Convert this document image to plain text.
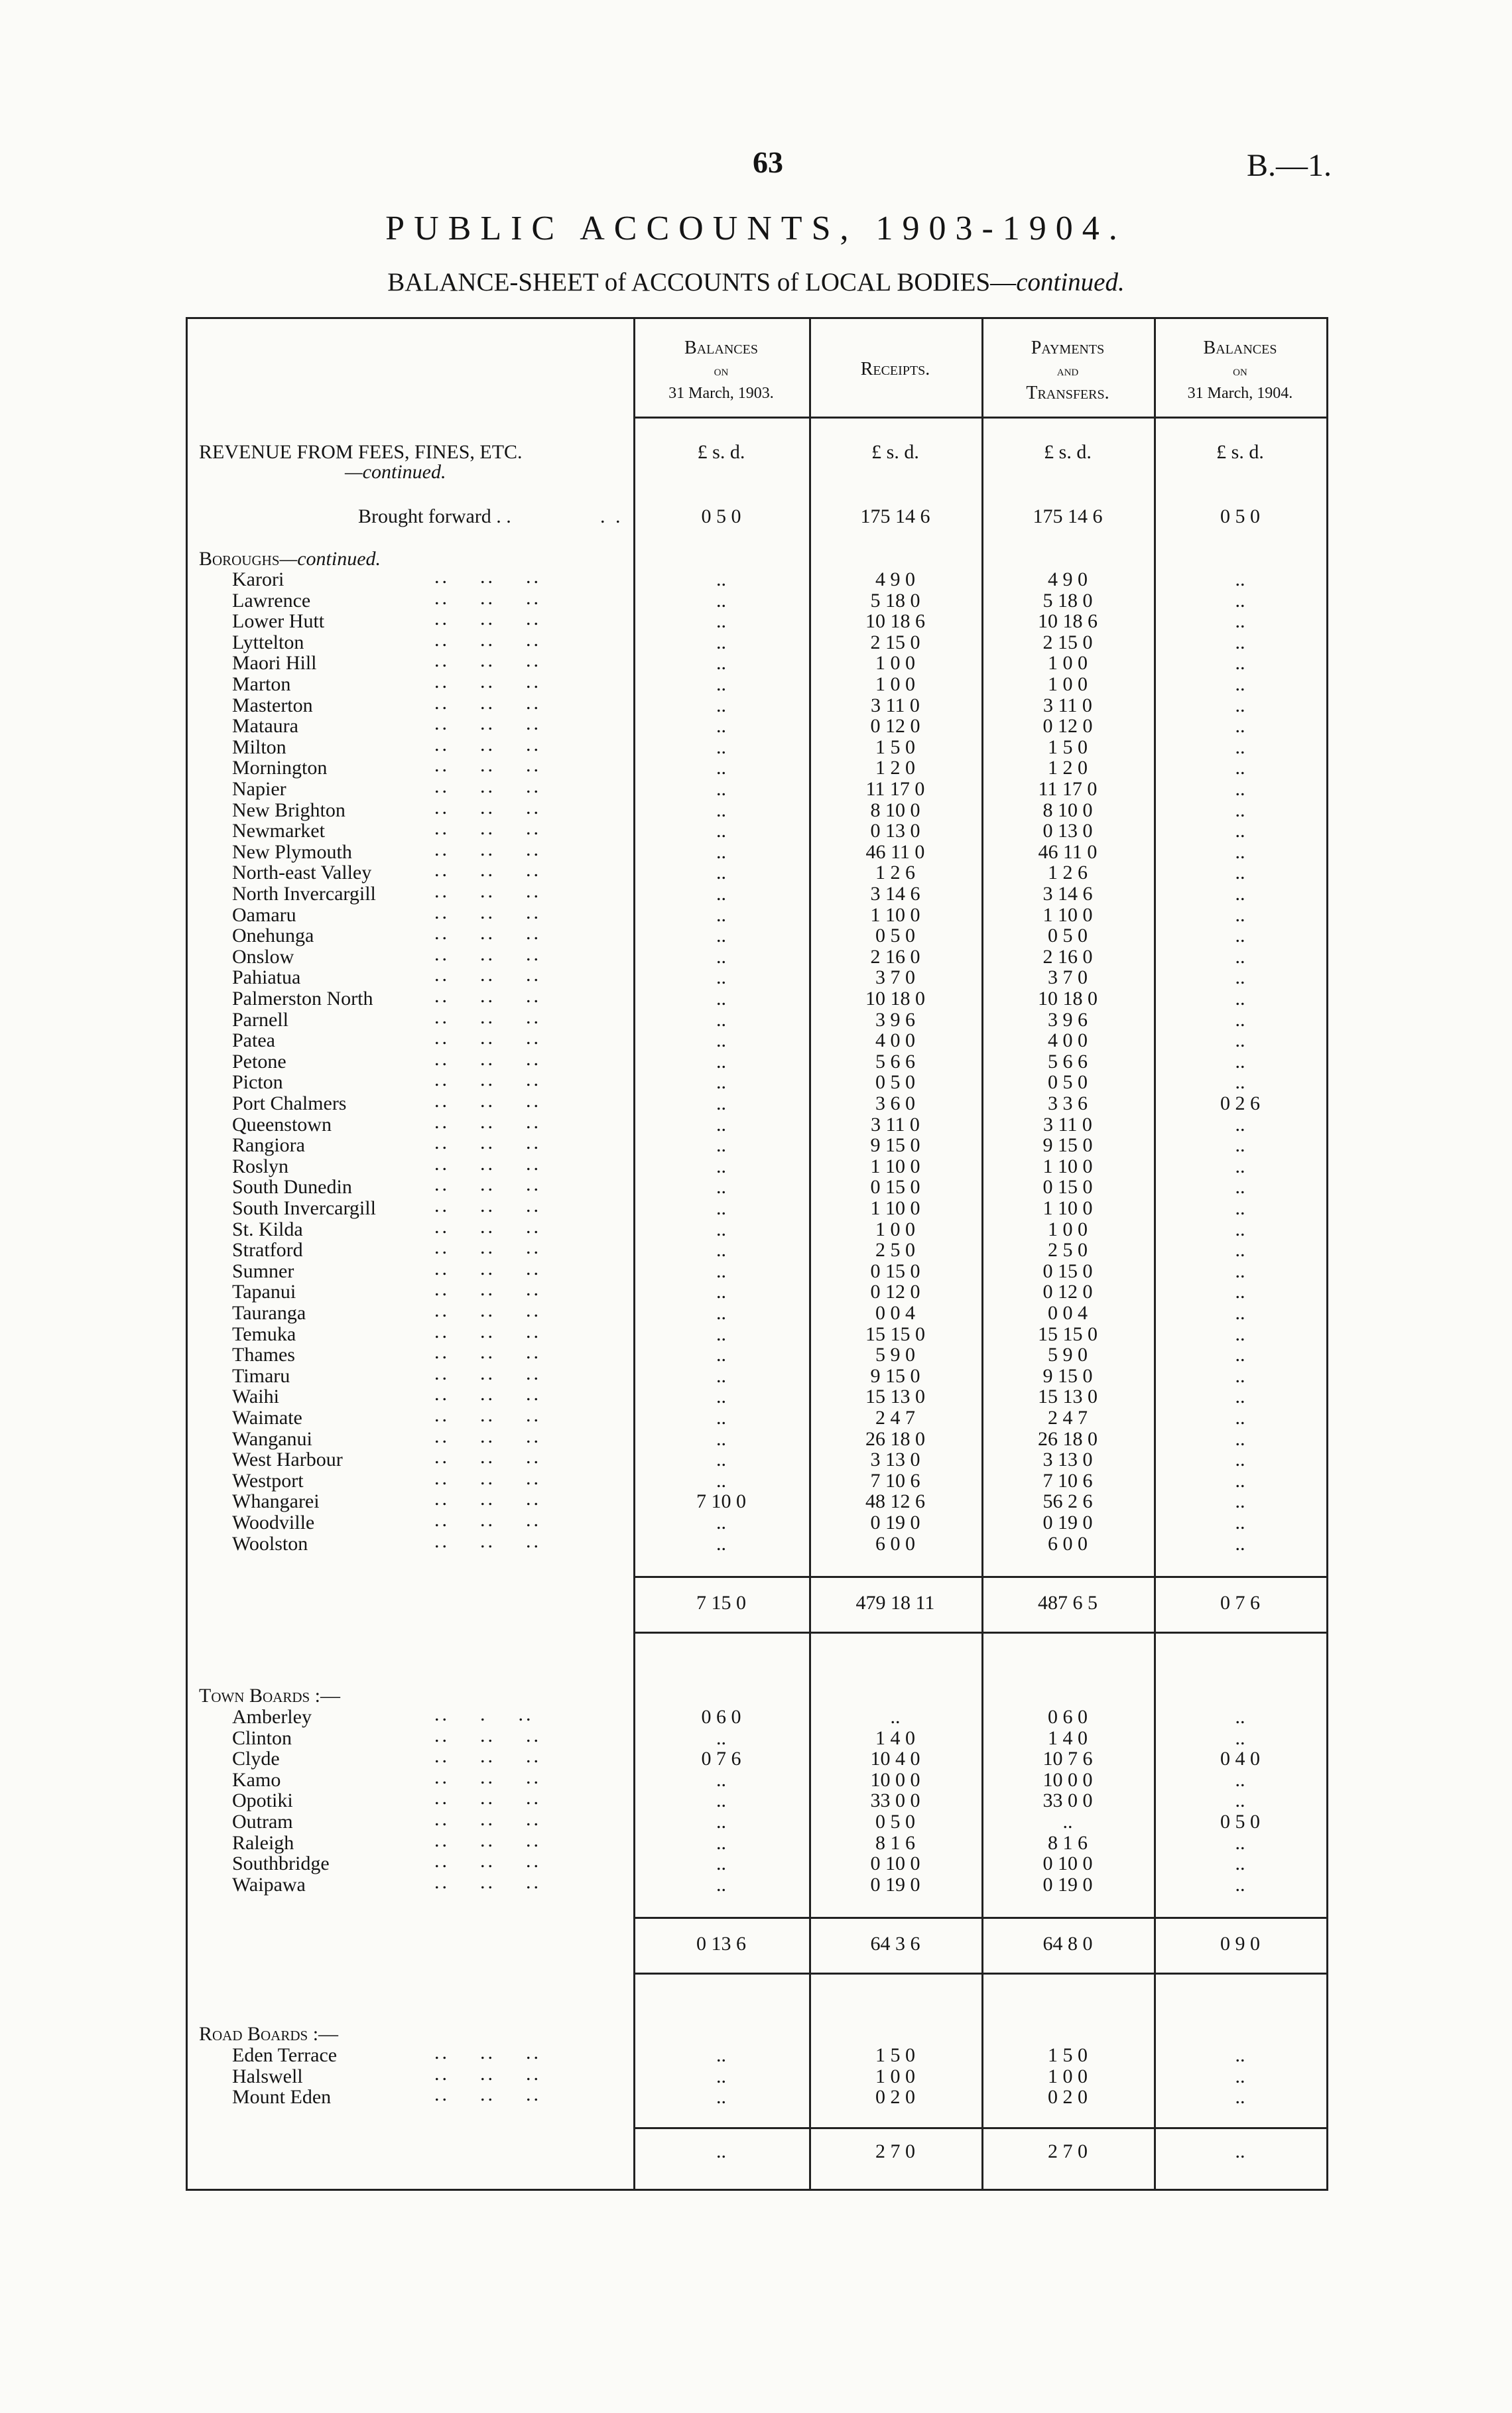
63	B.—1.
PUBLIC ACCOUNTS, 1903-1904.
BALANCE-SHEET of ACCOUNTS of LOCAL BODIES—continued.
Balances
on
31 March, 1903.
Receipts.
Payments
and
Transfers.
Balances
on
31 March, 1904.
£ s. d.	£ s. d.	£ s. d.	£ s. d.
REVENUE FROM FEES, FINES, ETC.
—continued.
Brought forward . .	. .	0 5 0	175 14 6	175 14 6	0 5 0
Boroughs—continued.
Karori	..    ..    ..	..	4 9 0	4 9 0	..
Lawrence	..    ..    ..	..	5 18 0	5 18 0	..
Lower Hutt	..    ..    ..	..	10 18 6	10 18 6	..
Lyttelton	..    ..    ..	..	2 15 0	2 15 0	..
Maori Hill	..    ..    ..	..	1 0 0	1 0 0	..
Marton	..    ..    ..	..	1 0 0	1 0 0	..
Masterton	..    ..    ..	..	3 11 0	3 11 0	..
Mataura	..    ..    ..	..	0 12 0	0 12 0	..
Milton	..    ..    ..	..	1 5 0	1 5 0	..
Mornington	..    ..    ..	..	1 2 0	1 2 0	..
Napier	..    ..    ..	..	11 17 0	11 17 0	..
New Brighton	..    ..    ..	..	8 10 0	8 10 0	..
Newmarket	..    ..    ..	..	0 13 0	0 13 0	..
New Plymouth	..    ..    ..	..	46 11 0	46 11 0	..
North-east Valley	..    ..    ..	..	1 2 6	1 2 6	..
North Invercargill	..    ..    ..	..	3 14 6	3 14 6	..
Oamaru	..    ..    ..	..	1 10 0	1 10 0	..
Onehunga	..    ..    ..	..	0 5 0	0 5 0	..
Onslow	..    ..    ..	..	2 16 0	2 16 0	..
Pahiatua	..    ..    ..	..	3 7 0	3 7 0	..
Palmerston North	..    ..    ..	..	10 18 0	10 18 0	..
Parnell	..    ..    ..	..	3 9 6	3 9 6	..
Patea	..    ..    ..	..	4 0 0	4 0 0	..
Petone	..    ..    ..	..	5 6 6	5 6 6	..
Picton	..    ..    ..	..	0 5 0	0 5 0	..
Port Chalmers	..    ..    ..	..	3 6 0	3 3 6	0 2 6
Queenstown	..    ..    ..	..	3 11 0	3 11 0	..
Rangiora	..    ..    ..	..	9 15 0	9 15 0	..
Roslyn	..    ..    ..	..	1 10 0	1 10 0	..
South Dunedin	..    ..    ..	..	0 15 0	0 15 0	..
South Invercargill	..    ..    ..	..	1 10 0	1 10 0	..
St. Kilda	..    ..    ..	..	1 0 0	1 0 0	..
Stratford	..    ..    ..	..	2 5 0	2 5 0	..
Sumner	..    ..    ..	..	0 15 0	0 15 0	..
Tapanui	..    ..    ..	..	0 12 0	0 12 0	..
Tauranga	..    ..    ..	..	0 0 4	0 0 4	..
Temuka	..    ..    ..	..	15 15 0	15 15 0	..
Thames	..    ..    ..	..	5 9 0	5 9 0	..
Timaru	..    ..    ..	..	9 15 0	9 15 0	..
Waihi	..    ..    ..	..	15 13 0	15 13 0	..
Waimate	..    ..    ..	..	2 4 7	2 4 7	..
Wanganui	..    ..    ..	..	26 18 0	26 18 0	..
West Harbour	..    ..    ..	..	3 13 0	3 13 0	..
Westport	..    ..    ..	..	7 10 6	7 10 6	..
Whangarei	..    ..    ..	7 10 0	48 12 6	56 2 6	..
Woodville	..    ..    ..	..	0 19 0	0 19 0	..
Woolston	..    ..    ..	..	6 0 0	6 0 0	..
7 15 0	479 18 11	487 6 5	0 7 6
Town Boards :—
Amberley	..    .    ..	0 6 0	..	0 6 0	..
Clinton	..    ..    ..	..	1 4 0	1 4 0	..
Clyde	..    ..    ..	0 7 6	10 4 0	10 7 6	0 4 0
Kamo	..    ..    ..	..	10 0 0	10 0 0	..
Opotiki	..    ..    ..	..	33 0 0	33 0 0	..
Outram	..    ..    ..	..	0 5 0	..	0 5 0
Raleigh	..    ..    ..	..	8 1 6	8 1 6	..
Southbridge	..    ..    ..	..	0 10 0	0 10 0	..
Waipawa	..    ..    ..	..	0 19 0	0 19 0	..
0 13 6	64 3 6	64 8 0	0 9 0
Road Boards :—
Eden Terrace	..    ..    ..	..	1 5 0	1 5 0	..
Halswell	..    ..    ..	..	1 0 0	1 0 0	..
Mount Eden	..    ..    ..	..	0 2 0	0 2 0	..
..	2 7 0	2 7 0	..
